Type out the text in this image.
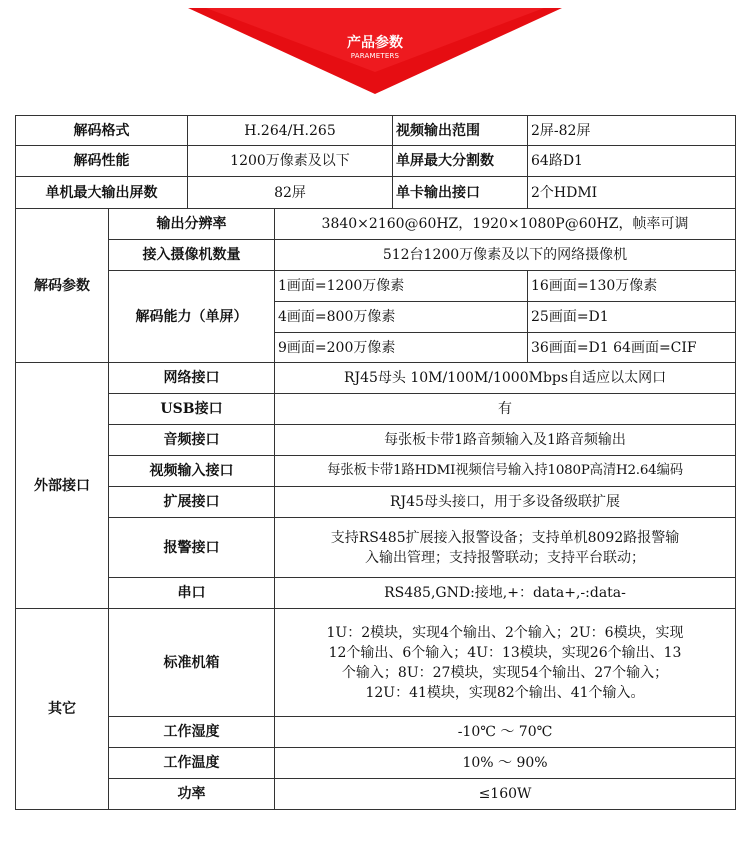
产品参数
PARAMETERS
解码格式		H.264/H.265		视频输出范围	2屏-82屏
解码性能		1200万像素及以下		单屏最大分割数	64路D1
单机最大输出屏数		82屏		单卡输出接口	2个HDMI
解码参数	输出分辨率		3840×2160@60HZ，1920×1080P@60HZ，帧率可调		
	接入摄像机数量		512台1200万像素及以下的网络摄像机		
	解码能力（单屏）		1画面=1200万像素		16画面=130万像素
			4画面=800万像素		25画面=D1
			9画面=200万像素		36画面=D1 64画面=CIF
外部接口	网络接口		RJ45母头 10M/100M/1000Mbps自适应以太网口		
	USB接口		有		
	音频接口		每张板卡带1路音频输入及1路音频输出		
	视频输入接口		每张板卡带1路HDMI视频信号输入持1080P高清H2.64编码		
	扩展接口		RJ45母头接口，用于多设备级联扩展		
	报警接口		支持RS485扩展接入报警设备；支持单机8092路报警输
入输出管理；支持报警联动；支持平台联动；		

	串口		RS485,GND:接地,+：data+,-:data-		
其它	标准机箱		1U：2模块，实现4个输出、2个输入；2U：6模块，实现
12个输出、6个输入；4U：13模块，实现26个输出、13
个输入；8U：27模块，实现54个输出、27个输入；
12U：41模块，实现82个输出、41个输入。		

	工作湿度		-10℃ ～ 70℃		
	工作温度		10% ～ 90%		
	功率		≤160W		
